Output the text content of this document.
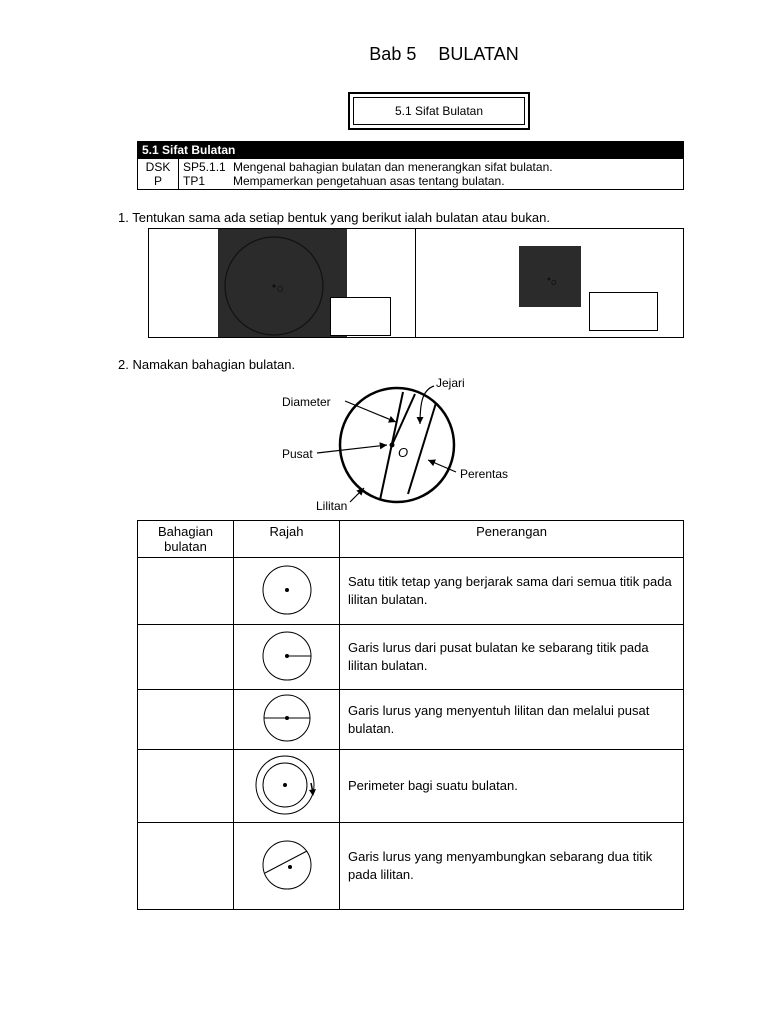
Bab 5 BULATAN
5.1 Sifat Bulatan
5.1 Sifat Bulatan

DSK
P

SP5.1.1 Mengenal bahagian bulatan dan menerangkan sifat bulatan.
TP1	Mempamerkan pengetahuan asas tentang bulatan.
1. Tentukan sama ada setiap bentuk yang berikut ialah bulatan atau bukan.
O
O
2. Namakan bahagian bulatan.
Diameter
Jejari
Pusat	O
Perentas
Lilitan
Bahagian
bulatan	Rajah	Penerangan
		Satu titik tetap yang berjarak sama dari semua titik pada lilitan bulatan.
		Garis lurus dari pusat bulatan ke sebarang titik pada lilitan bulatan.
		Garis lurus yang menyentuh lilitan dan melalui pusat bulatan.
		Perimeter bagi suatu bulatan.
		Garis lurus yang menyambungkan sebarang dua titik pada lilitan.
